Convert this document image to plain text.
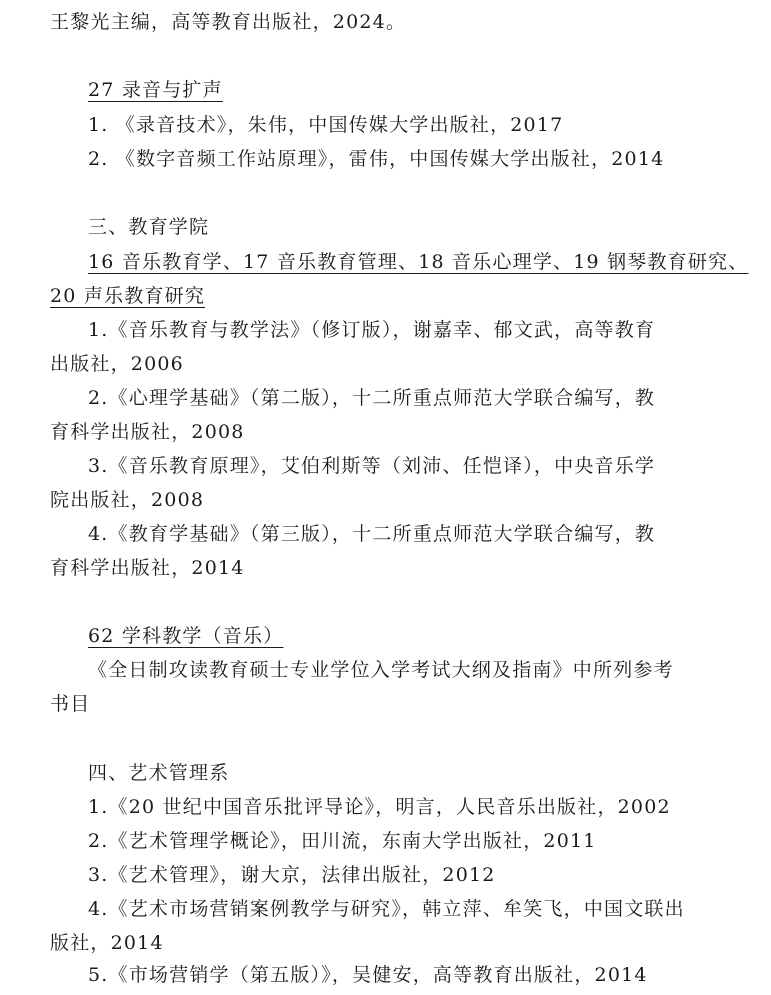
王黎光主编，高等教育出版社，2024。
27 录音与扩声
1. 《录音技术》，朱伟，中国传媒大学出版社，2017
2. 《数字音频工作站原理》，雷伟，中国传媒大学出版社，2014
三、教育学院
16 音乐教育学、17 音乐教育管理、18 音乐心理学、19 钢琴教育研究、
20 声乐教育研究
1.《音乐教育与教学法》（修订版），谢嘉幸、郁文武，高等教育
出版社，2006
2.《心理学基础》（第二版），十二所重点师范大学联合编写，教
育科学出版社，2008
3.《音乐教育原理》，艾伯利斯等（刘沛、任恺译），中央音乐学
院出版社，2008
4.《教育学基础》（第三版），十二所重点师范大学联合编写，教
育科学出版社，2014
62 学科教学（音乐）
《全日制攻读教育硕士专业学位入学考试大纲及指南》中所列参考
书目
四、艺术管理系
1.《20 世纪中国音乐批评导论》，明言，人民音乐出版社，2002
2.《艺术管理学概论》，田川流，东南大学出版社，2011
3.《艺术管理》，谢大京，法律出版社，2012
4.《艺术市场营销案例教学与研究》，韩立萍、牟笑飞，中国文联出
版社，2014
5.《市场营销学（第五版）》，吴健安，高等教育出版社，2014
